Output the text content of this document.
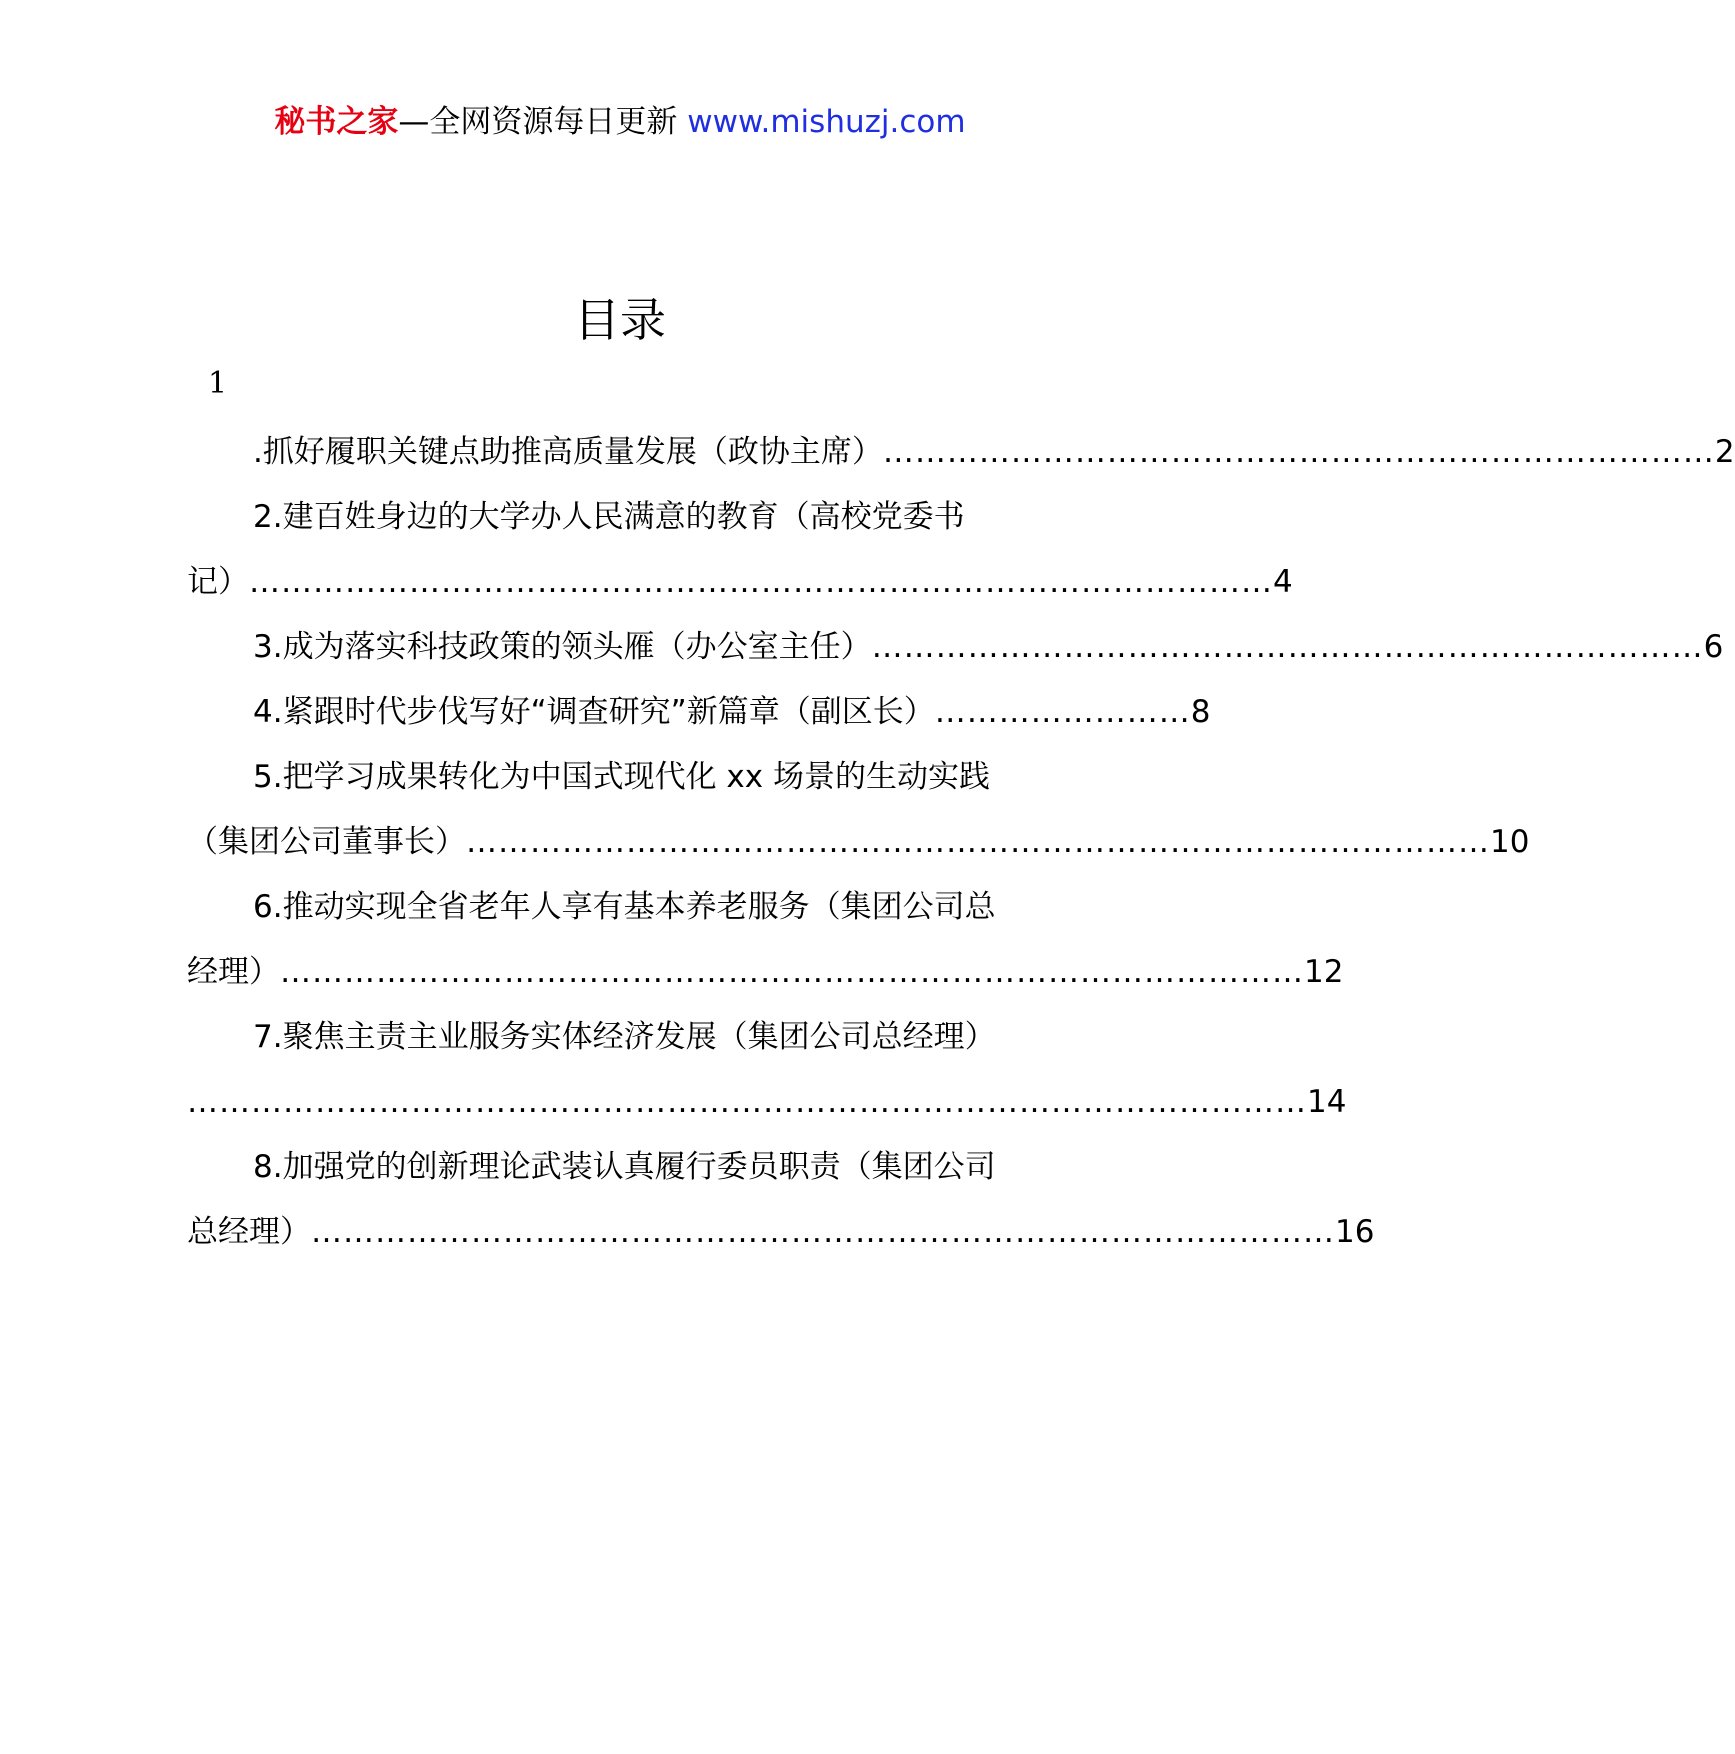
秘书之家—全网资源每日更新 www.mishuzj.com
目录
1
.抓好履职关键点助推高质量发展（政协主席） …………………………………………………………………… 2
2.建百姓身边的大学办人民满意的教育（高校党委书
记） …………………………………………………………………………………… 4
3.成为落实科技政策的领头雁（办公室主任） …………………………………………………………………… 6
4.紧跟时代步伐写好“调查研究”新篇章（副区长） …………………… 8
5.把学习成果转化为中国式现代化 xx 场景的生动实践
（集团公司董事长） …………………………………………………………………………………… 10
6.推动实现全省老年人享有基本养老服务（集团公司总
经理） …………………………………………………………………………………… 12
7.聚焦主责主业服务实体经济发展（集团公司总经理）
…………………………………………………………………………………………… 14
8.加强党的创新理论武装认真履行委员职责（集团公司
总经理） …………………………………………………………………………………… 16
